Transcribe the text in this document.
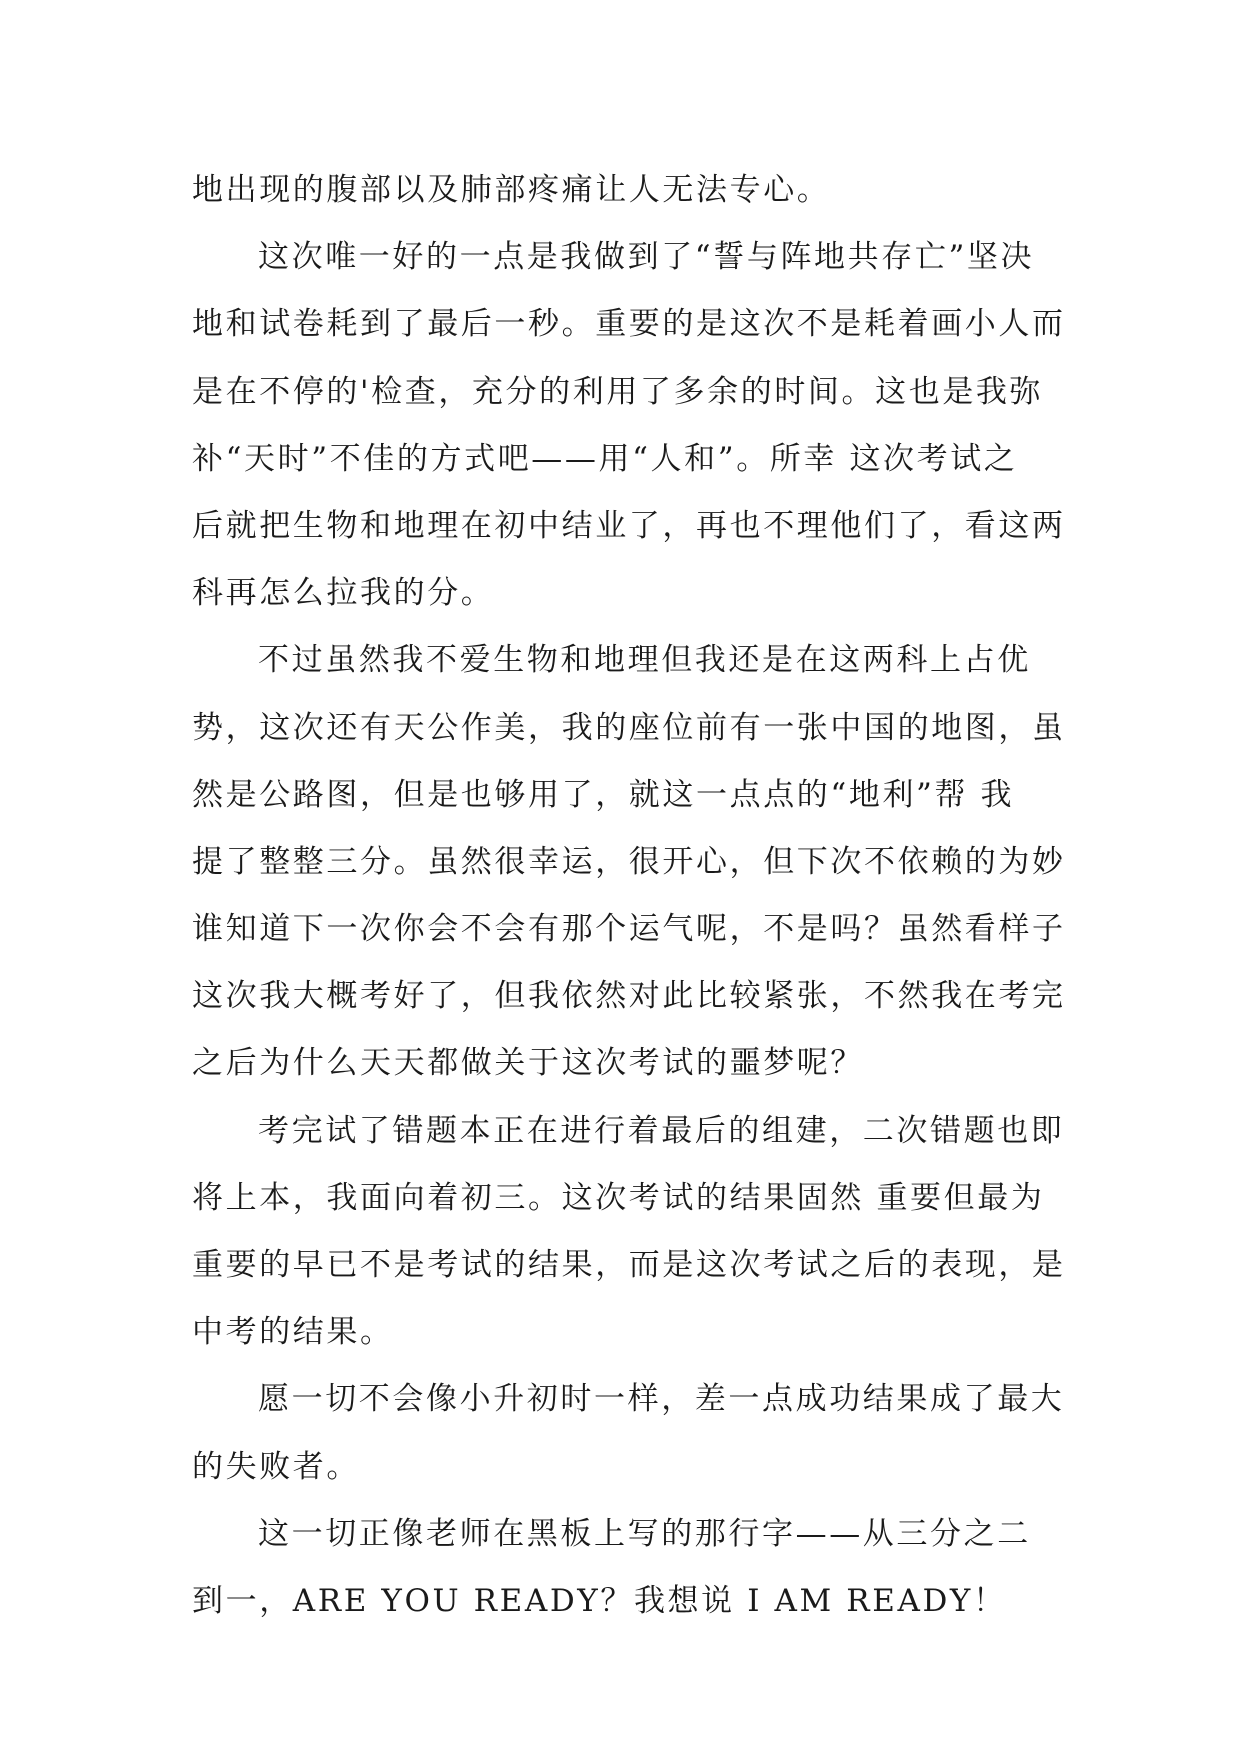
地出现的腹部以及肺部疼痛让人无法专心。
这次唯一好的一点是我做到了“誓与阵地共存亡”坚决
地和试卷耗到了最后一秒。重要的是这次不是耗着画小人而
是在不停的'检查，充分的利用了多余的时间。这也是我弥
补“天时”不佳的方式吧——用“人和”。所幸 这次考试之
后就把生物和地理在初中结业了，再也不理他们了，看这两
科再怎么拉我的分。
不过虽然我不爱生物和地理但我还是在这两科上占优
势，这次还有天公作美，我的座位前有一张中国的地图，虽
然是公路图，但是也够用了，就这一点点的“地利”帮 我
提了整整三分。虽然很幸运，很开心，但下次不依赖的为妙
谁知道下一次你会不会有那个运气呢，不是吗？虽然看样子
这次我大概考好了，但我依然对此比较紧张，不然我在考完
之后为什么天天都做关于这次考试的噩梦呢？
考完试了错题本正在进行着最后的组建，二次错题也即
将上本，我面向着初三。这次考试的结果固然 重要但最为
重要的早已不是考试的结果，而是这次考试之后的表现，是
中考的结果。
愿一切不会像小升初时一样，差一点成功结果成了最大
的失败者。
这一切正像老师在黑板上写的那行字——从三分之二
到一，ARE YOU READY？我想说 I AM READY！
